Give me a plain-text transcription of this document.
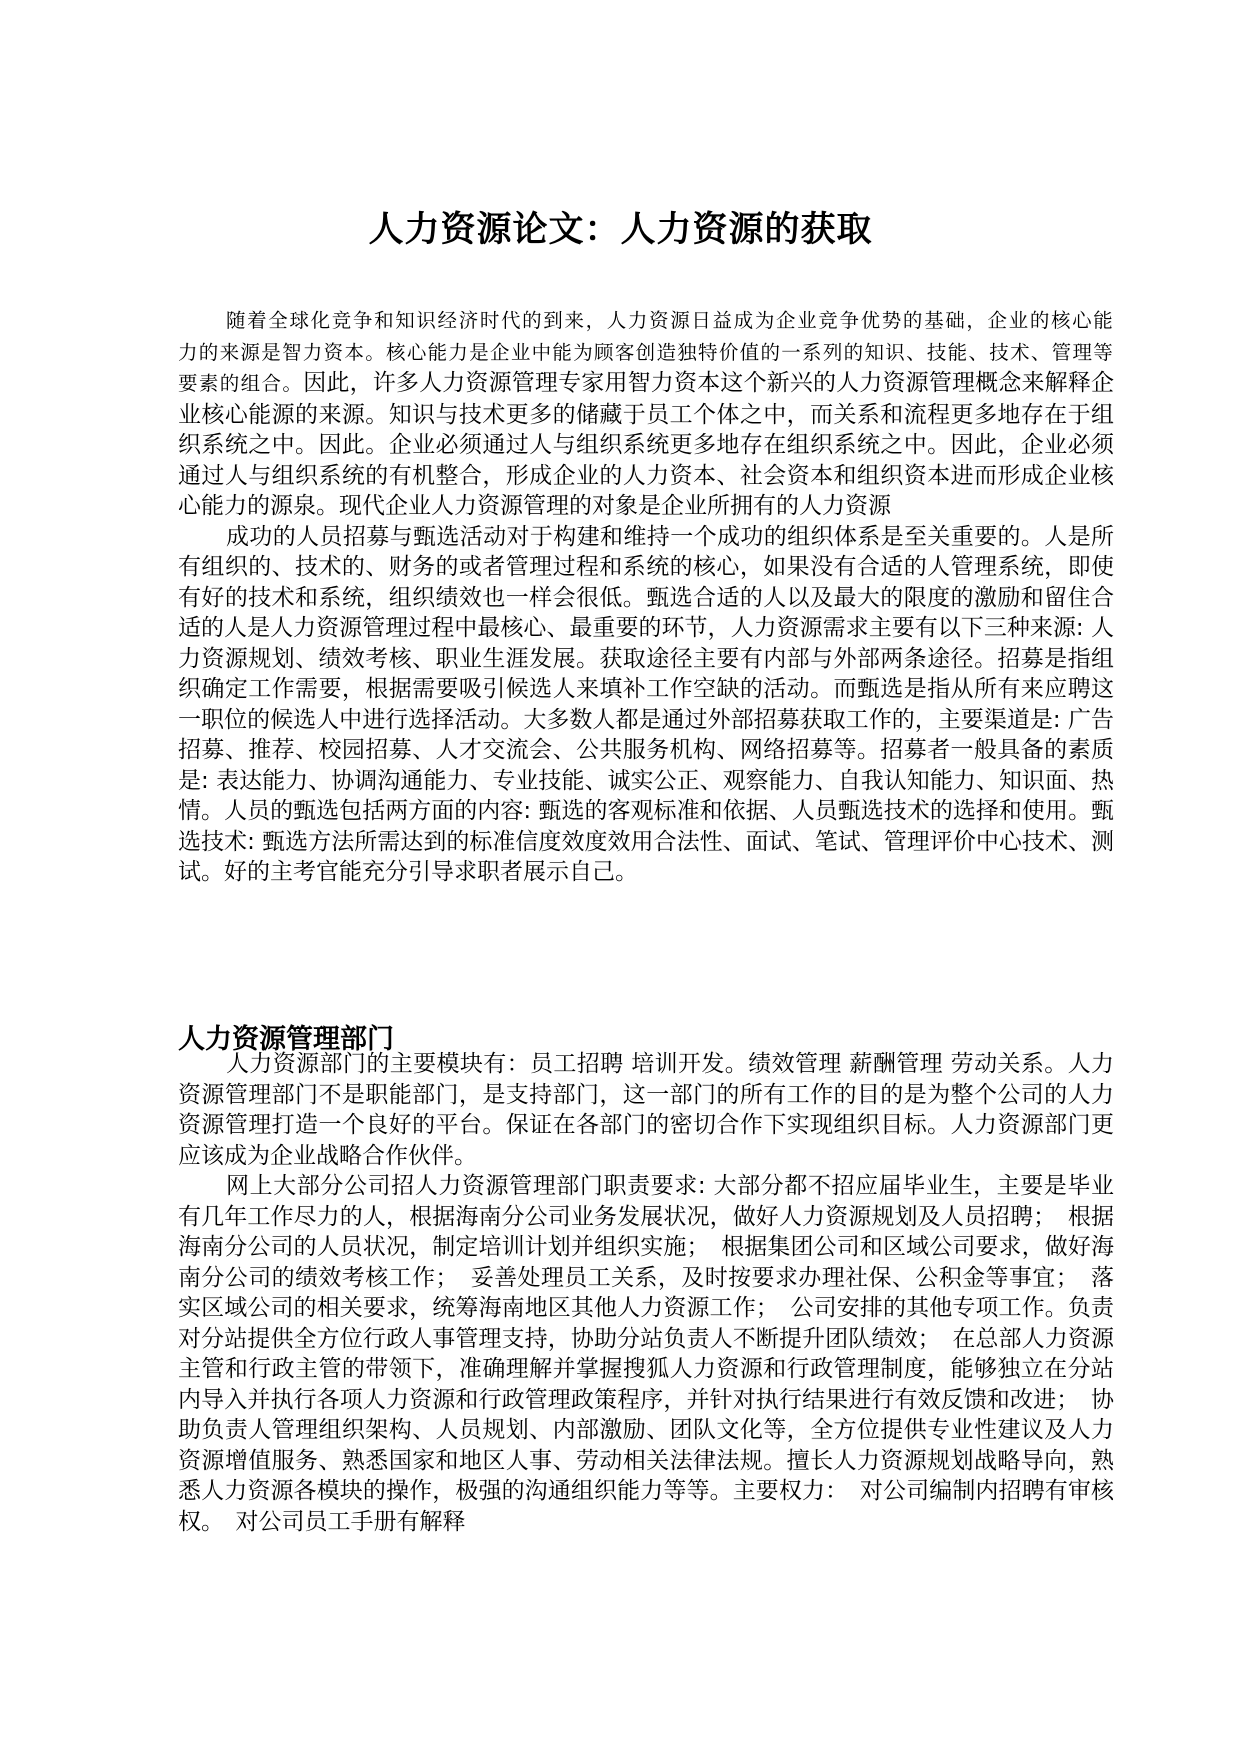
人力资源论文：人力资源的获取

随着全球化竞争和知识经济时代的到来，人力资源日益成为企业竞争优势的基础，企业的核心能力的来源是智力资本。核心能力是企业中能为顾客创造独特价值的一系列的知识、技能、技术、管理等要素的组合。因此，许多人力资源管理专家用智力资本这个新兴的人力资源管理概念来解释企业核心能源的来源。知识与技术更多的储藏于员工个体之中，而关系和流程更多地存在于组织系统之中。因此。企业必须通过人与组织系统更多地存在组织系统之中。因此，企业必须通过人与组织系统的有机整合，形成企业的人力资本、社会资本和组织资本进而形成企业核心能力的源泉。现代企业人力资源管理的对象是企业所拥有的人力资源

成功的人员招募与甄选活动对于构建和维持一个成功的组织体系是至关重要的。人是所有组织的、技术的、财务的或者管理过程和系统的核心，如果没有合适的人管理系统，即使有好的技术和系统，组织绩效也一样会很低。甄选合适的人以及最大的限度的激励和留住合适的人是人力资源管理过程中最核心、最重要的环节，人力资源需求主要有以下三种来源: 人力资源规划、绩效考核、职业生涯发展。获取途径主要有内部与外部两条途径。招募是指组织确定工作需要，根据需要吸引候选人来填补工作空缺的活动。而甄选是指从所有来应聘这一职位的候选人中进行选择活动。大多数人都是通过外部招募获取工作的，主要渠道是: 广告招募、推荐、校园招募、人才交流会、公共服务机构、网络招募等。招募者一般具备的素质是: 表达能力、协调沟通能力、专业技能、诚实公正、观察能力、自我认知能力、知识面、热情。人员的甄选包括两方面的内容: 甄选的客观标准和依据、人员甄选技术的选择和使用。甄选技术: 甄选方法所需达到的标准信度效度效用合法性、面试、笔试、管理评价中心技术、测试。好的主考官能充分引导求职者展示自己。

人力资源管理部门

人力资源部门的主要模块有：员工招聘 培训开发。绩效管理 薪酬管理 劳动关系。人力资源管理部门不是职能部门，是支持部门，这一部门的所有工作的目的是为整个公司的人力资源管理打造一个良好的平台。保证在各部门的密切合作下实现组织目标。人力资源部门更应该成为企业战略合作伙伴。

网上大部分公司招人力资源管理部门职责要求: 大部分都不招应届毕业生，主要是毕业有几年工作尽力的人，根据海南分公司业务发展状况，做好人力资源规划及人员招聘；　根据海南分公司的人员状况，制定培训计划并组织实施；　根据集团公司和区域公司要求，做好海南分公司的绩效考核工作；　妥善处理员工关系，及时按要求办理社保、公积金等事宜；　落实区域公司的相关要求，统筹海南地区其他人力资源工作；　公司安排的其他专项工作。负责对分站提供全方位行政人事管理支持，协助分站负责人不断提升团队绩效；　在总部人力资源主管和行政主管的带领下，准确理解并掌握搜狐人力资源和行政管理制度，能够独立在分站内导入并执行各项人力资源和行政管理政策程序，并针对执行结果进行有效反馈和改进；　协助负责人管理组织架构、人员规划、内部激励、团队文化等，全方位提供专业性建议及人力资源增值服务、熟悉国家和地区人事、劳动相关法律法规。擅长人力资源规划战略导向，熟悉人力资源各模块的操作，极强的沟通组织能力等等。主要权力：　对公司编制内招聘有审核权。　对公司员工手册有解释
